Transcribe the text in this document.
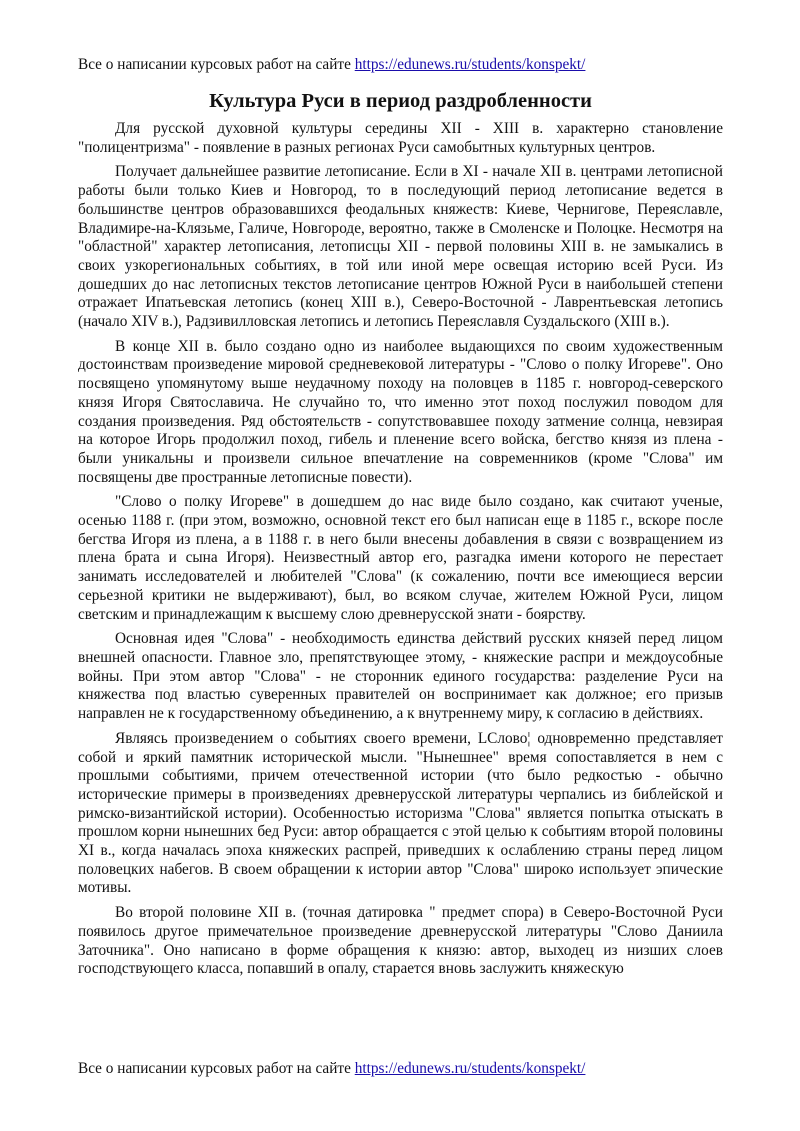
Все о написании курсовых работ на сайте https://edunews.ru/students/konspekt/
Культура Руси в период раздробленности

Для русской духовной культуры середины XII - XIII в. характерно становление "полицентризма" - появление в разных регионах Руси самобытных культурных центров.

Получает дальнейшее развитие летописание. Если в XI - начале XII в. центрами летописной работы были только Киев и Новгород, то в последующий период летописание ведется в большинстве центров образовавшихся феодальных княжеств: Киеве, Чернигове, Переяславле, Владимире-на-Клязьме, Галиче, Новгороде, вероятно, также в Смоленске и Полоцке. Несмотря на "областной" характер летописания, летописцы XII - первой половины XIII в. не замыкались в своих узкорегиональных событиях, в той или иной мере освещая историю всей Руси. Из дошедших до нас летописных текстов летописание центров Южной Руси в наибольшей степени отражает Ипатьевская летопись (конец XIII в.), Северо-Восточной - Лаврентьевская летопись (начало XIV в.), Радзивилловская летопись и летопись Переяславля Суздальского (XIII в.).

В конце XII в. было создано одно из наиболее выдающихся по своим художественным достоинствам произведение мировой средневековой литературы - "Слово о полку Игореве". Оно посвящено упомянутому выше неудачному походу на половцев в 1185 г. новгород-северского князя Игоря Святославича. Не случайно то, что именно этот поход послужил поводом для создания произведения. Ряд обстоятельств - сопутствовавшее походу затмение солнца, невзирая на которое Игорь продолжил поход, гибель и пленение всего войска, бегство князя из плена - были уникальны и произвели сильное впечатление на современников (кроме "Слова" им посвящены две пространные летописные повести).

"Слово о полку Игореве" в дошедшем до нас виде было создано, как считают ученые, осенью 1188 г. (при этом, возможно, основной текст его был написан еще в 1185 г., вскоре после бегства Игоря из плена, а в 1188 г. в него были внесены добавления в связи с возвращением из плена брата и сына Игоря). Неизвестный автор его, разгадка имени которого не перестает занимать исследователей и любителей "Слова" (к сожалению, почти все имеющиеся версии серьезной критики не выдерживают), был, во всяком случае, жителем Южной Руси, лицом светским и принадлежащим к высшему слою древнерусской знати - боярству.

Основная идея "Слова" - необходимость единства действий русских князей перед лицом внешней опасности. Главное зло, препятствующее этому, - княжеские распри и междоусобные войны. При этом автор "Слова" - не сторонник единого государства: разделение Руси на княжества под властью суверенных правителей он воспринимает как должное; его призыв направлен не к государственному объединению, а к внутреннему миру, к согласию в действиях.

Являясь произведением о событиях своего времени, LСлово¦ одновременно представляет собой и яркий памятник исторической мысли. "Нынешнее" время сопоставляется в нем с прошлыми событиями, причем отечественной истории (что было редкостью - обычно исторические примеры в произведениях древнерусской литературы черпались из библейской и римско-византийской истории). Особенностью историзма "Слова" является попытка отыскать в прошлом корни нынешних бед Руси: автор обращается с этой целью к событиям второй половины XI в., когда началась эпоха княжеских распрей, приведших к ослаблению страны перед лицом половецких набегов. В своем обращении к истории автор "Слова" широко использует эпические мотивы.

Во второй половине XII в. (точная датировка " предмет спора) в Северо-Восточной Руси появилось другое примечательное произведение древнерусской литературы "Слово Даниила Заточника". Оно написано в форме обращения к князю: автор, выходец из низших слоев господствующего класса, попавший в опалу, старается вновь заслужить княжескую

Все о написании курсовых работ на сайте https://edunews.ru/students/konspekt/
